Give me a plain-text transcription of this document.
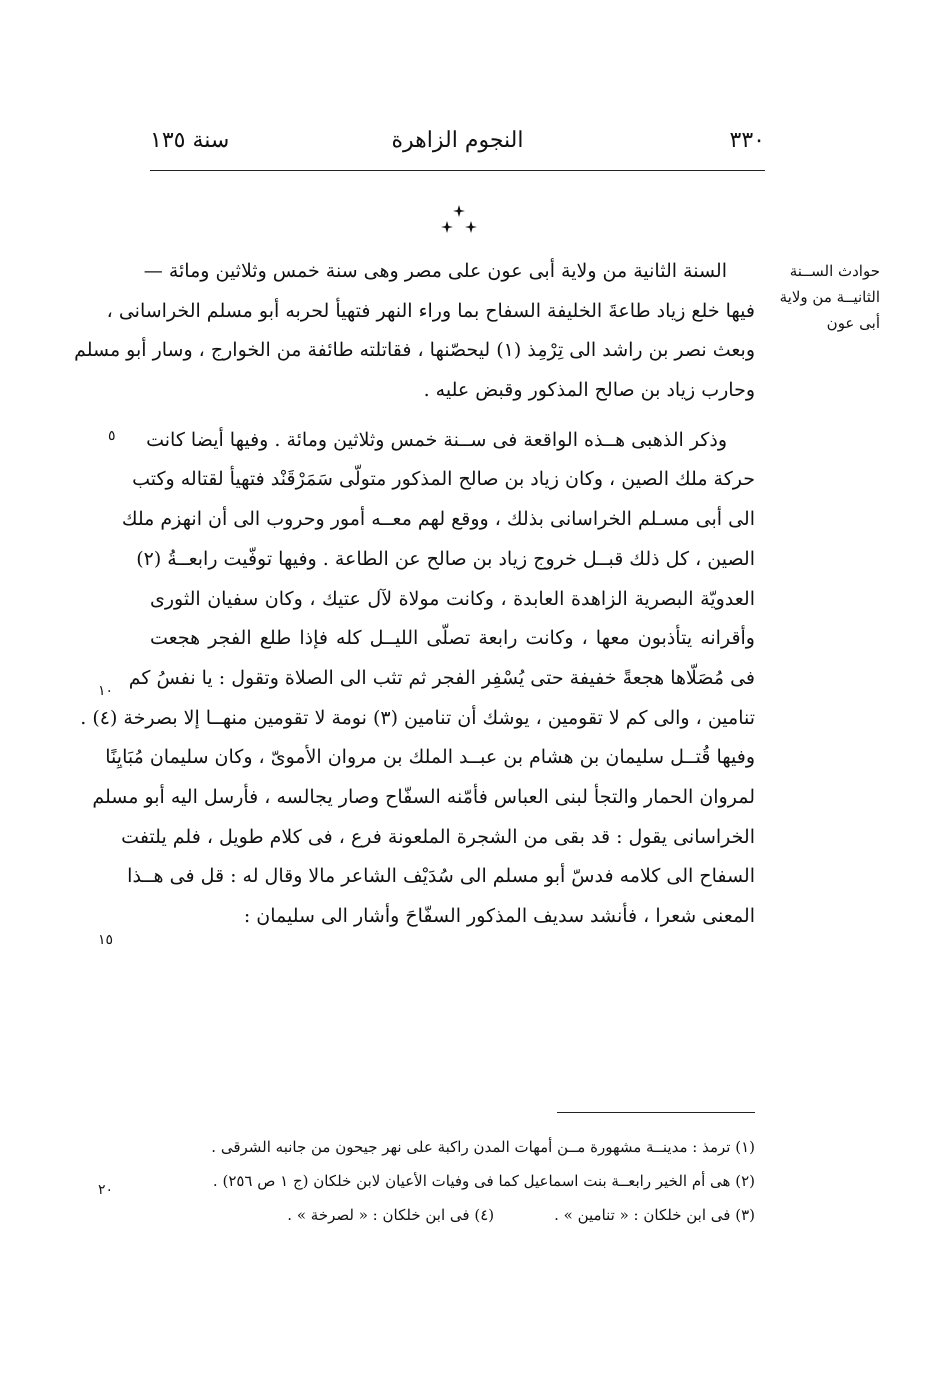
سنة ١٣٥	النجوم الزاهرة	٣٣٠
حوادث الســنة
الثانيــة من ولاية
أبى عون
السنة الثانية من ولاية أبى عون على مصر وهى سنة خمس وثلاثين ومائة —
فيها خلع زياد طاعةَ الخليفة السفاح بما وراء النهر فتهيأ لحربه أبو مسلم الخراسانى ،
وبعث نصر بن راشد الى تِرْمِذ (١) ليحصّنها ، فقاتلته طائفة من الخوارج ، وسار أبو مسلم
وحارب زياد بن صالح المذكور وقبض عليه .
وذكر الذهبى هــذه الواقعة فى ســنة خمس وثلاثين ومائة . وفيها أيضا كانت
حركة ملك الصين ، وكان زياد بن صالح المذكور متولّى سَمَرْقَنْد فتهيأ لقتاله وكتب
الى أبى مسـلم الخراسانى بذلك ، ووقع لهم معــه أمور وحروب الى أن انهزم ملك
الصين ، كل ذلك قبــل خروج زياد بن صالح عن الطاعة . وفيها توفّيت رابعــةُ (٢)
العدويّة البصرية الزاهدة العابدة ، وكانت مولاة لآل عتيك ، وكان سفيان الثورى
وأقرانه يتأذبون معها ، وكانت رابعة تصلّى الليــل كله فإذا طلع الفجر هجعت
فى مُصَلّاها هجعةً خفيفة حتى يُسْفِر الفجر ثم تثب الى الصلاة وتقول : يا نفسُ كم
تنامين ، والى كم لا تقومين ، يوشك أن تنامين (٣) نومة لا تقومين منهــا إلا بصرخة (٤) .
وفيها قُتــل سليمان بن هشام بن عبــد الملك بن مروان الأموىّ ، وكان سليمان مُبَايِنًا
لمروان الحمار والتجأ لبنى العباس فأمّنه السفّاح وصار يجالسه ، فأرسل اليه أبو مسلم
الخراسانى يقول : قد بقى من الشجرة الملعونة فرع ، فى كلام طويل ، فلم يلتفت
السفاح الى كلامه فدسّ أبو مسلم الى سُدَيْف الشاعر مالا وقال له : قل فى هــذا
المعنى شعرا ، فأنشد سديف المذكور السفّاحَ وأشار الى سليمان :
٥
١٠
١٥
٢٠
(١) ترمذ : مدينــة مشهورة مــن أمهات المدن راكبة على نهر جيحون من جانبه الشرقى .
(٢) هى أم الخير رابعــة بنت اسماعيل كما فى وفيات الأعيان لابن خلكان (ج ١ ص ٢٥٦) .
(٣) فى ابن خلكان : « تنامين » .(٤) فى ابن خلكان : « لصرخة » .
